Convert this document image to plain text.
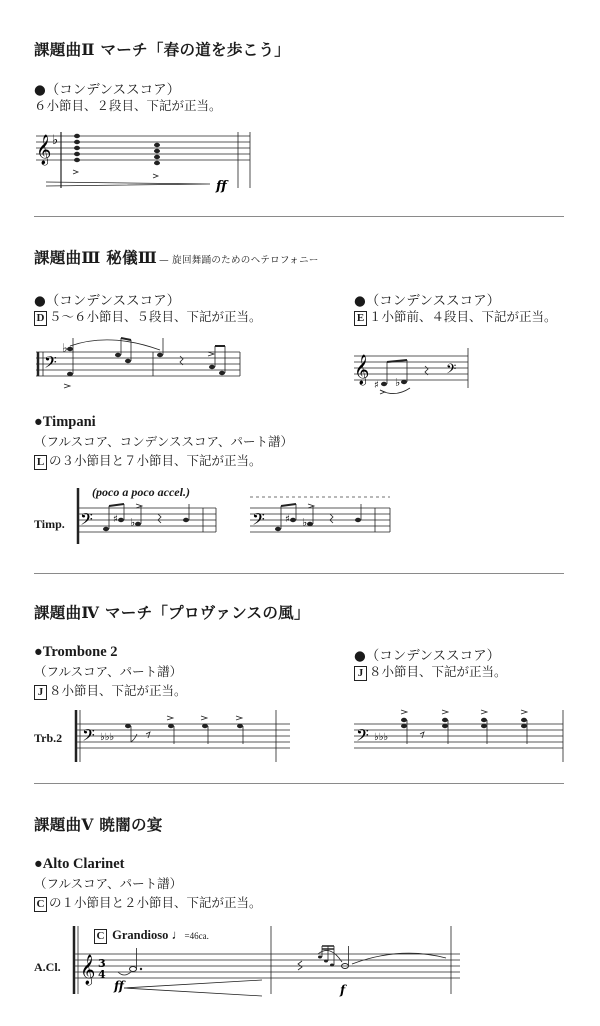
課題曲Ⅱ マーチ「春の道を歩こう」
●（コンデンススコア）
６小節目、２段目、下記が正当。
𝄞 ♭
ff
課題曲Ⅲ 秘儀Ⅲ — 旋回舞踊のためのヘテロフォニー
●（コンデンススコア）
D ５～６小節目、５段目、下記が正当。
●（コンデンススコア）
E １小節前、４段目、下記が正当。
𝄢
♭
𝄞	𝄢
♯ ♭
●Timpani
（フルスコア、コンデンススコア、パート譜）
L の３小節目と７小節目、下記が正当。
Timp.
(poco a poco accel.)
𝄢	𝄢
♯ ♭	♯ ♭
課題曲Ⅳ マーチ「プロヴァンスの風」
●Trombone 2
（フルスコア、パート譜）
J ８小節目、下記が正当。
●（コンデンススコア）
J ８小節目、下記が正当。
Trb.2 𝄢 ♭♭♭	𝄢 ♭♭♭
課題曲Ⅴ 暁闇の宴
●Alto Clarinet
（フルスコア、パート譜）
C の１小節目と２小節目、下記が正当。
A.Cl.
C Grandioso ♩=46ca.
𝄞 3
4
ff	f
